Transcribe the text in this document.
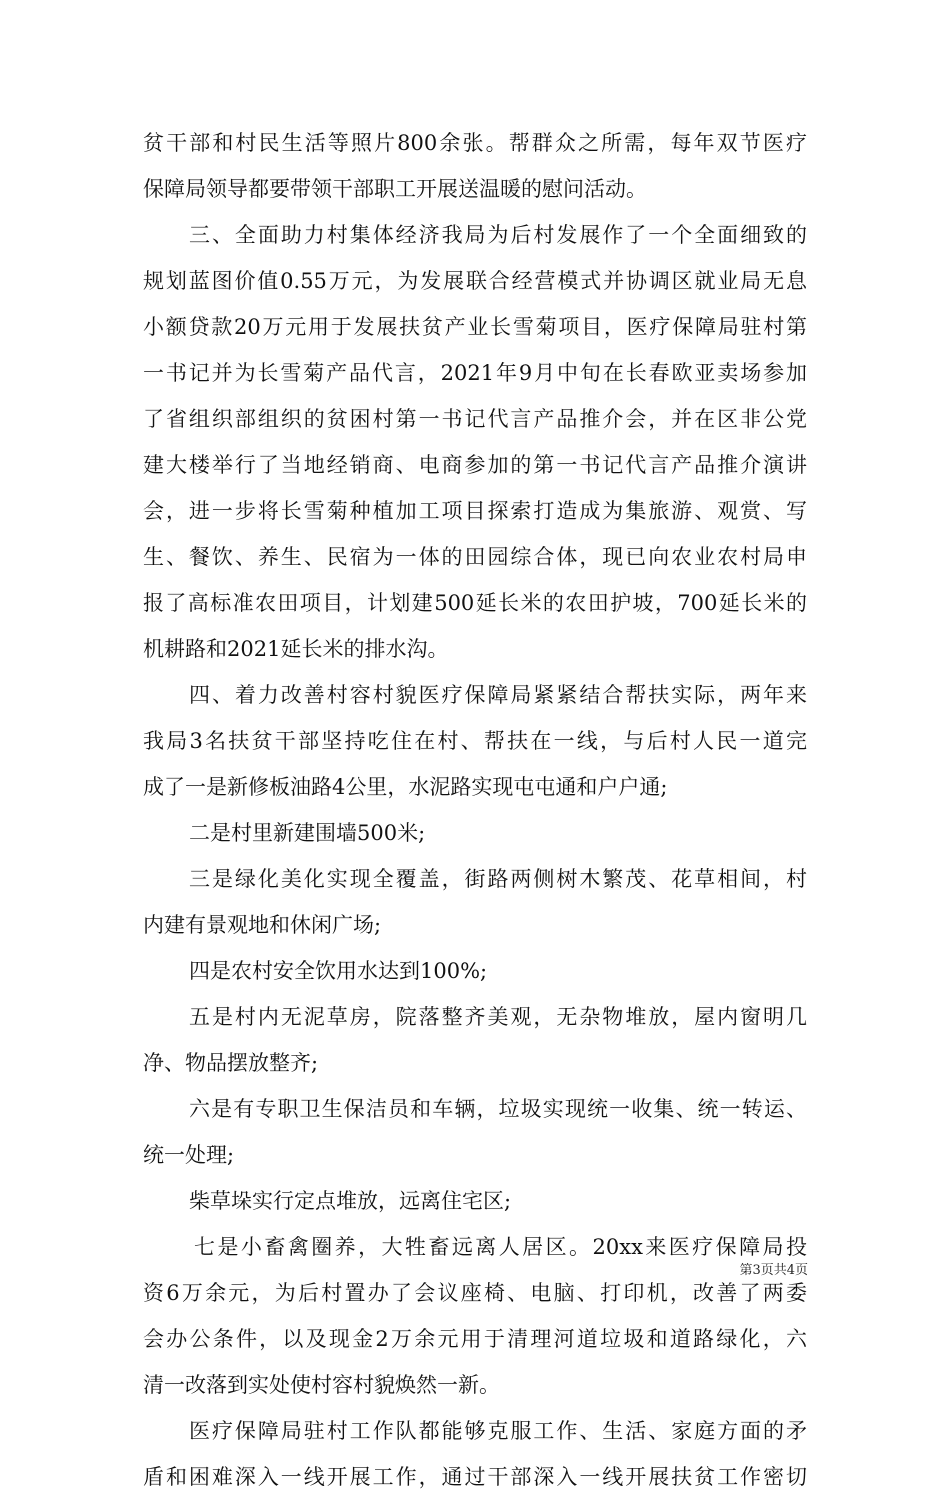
贫干部和村民生活等照片800余张。帮群众之所需，每年双节医疗
保障局领导都要带领干部职工开展送温暖的慰问活动。
三、全面助力村集体经济我局为后村发展作了一个全面细致的
规划蓝图价值0.55万元，为发展联合经营模式并协调区就业局无息
小额贷款20万元用于发展扶贫产业长雪菊项目，医疗保障局驻村第
一书记并为长雪菊产品代言，2021年9月中旬在长春欧亚卖场参加
了省组织部组织的贫困村第一书记代言产品推介会，并在区非公党
建大楼举行了当地经销商、电商参加的第一书记代言产品推介演讲
会，进一步将长雪菊种植加工项目探索打造成为集旅游、观赏、写
生、餐饮、养生、民宿为一体的田园综合体，现已向农业农村局申
报了高标准农田项目，计划建500延长米的农田护坡，700延长米的
机耕路和2021延长米的排水沟。
四、着力改善村容村貌医疗保障局紧紧结合帮扶实际，两年来
我局3名扶贫干部坚持吃住在村、帮扶在一线，与后村人民一道完
成了一是新修板油路4公里，水泥路实现屯屯通和户户通;
二是村里新建围墙500米;
三是绿化美化实现全覆盖，街路两侧树木繁茂、花草相间，村
内建有景观地和休闲广场;
四是农村安全饮用水达到100%;
五是村内无泥草房，院落整齐美观，无杂物堆放，屋内窗明几
净、物品摆放整齐;
六是有专职卫生保洁员和车辆，垃圾实现统一收集、统一转运、
统一处理;
柴草垛实行定点堆放，远离住宅区;
七是小畜禽圈养，大牲畜远离人居区。20xx来医疗保障局投
资6万余元，为后村置办了会议座椅、电脑、打印机，改善了两委
会办公条件，以及现金2万余元用于清理河道垃圾和道路绿化，六
清一改落到实处使村容村貌焕然一新。
医疗保障局驻村工作队都能够克服工作、生活、家庭方面的矛
盾和困难深入一线开展工作，通过干部深入一线开展扶贫工作密切
第3页共4页
